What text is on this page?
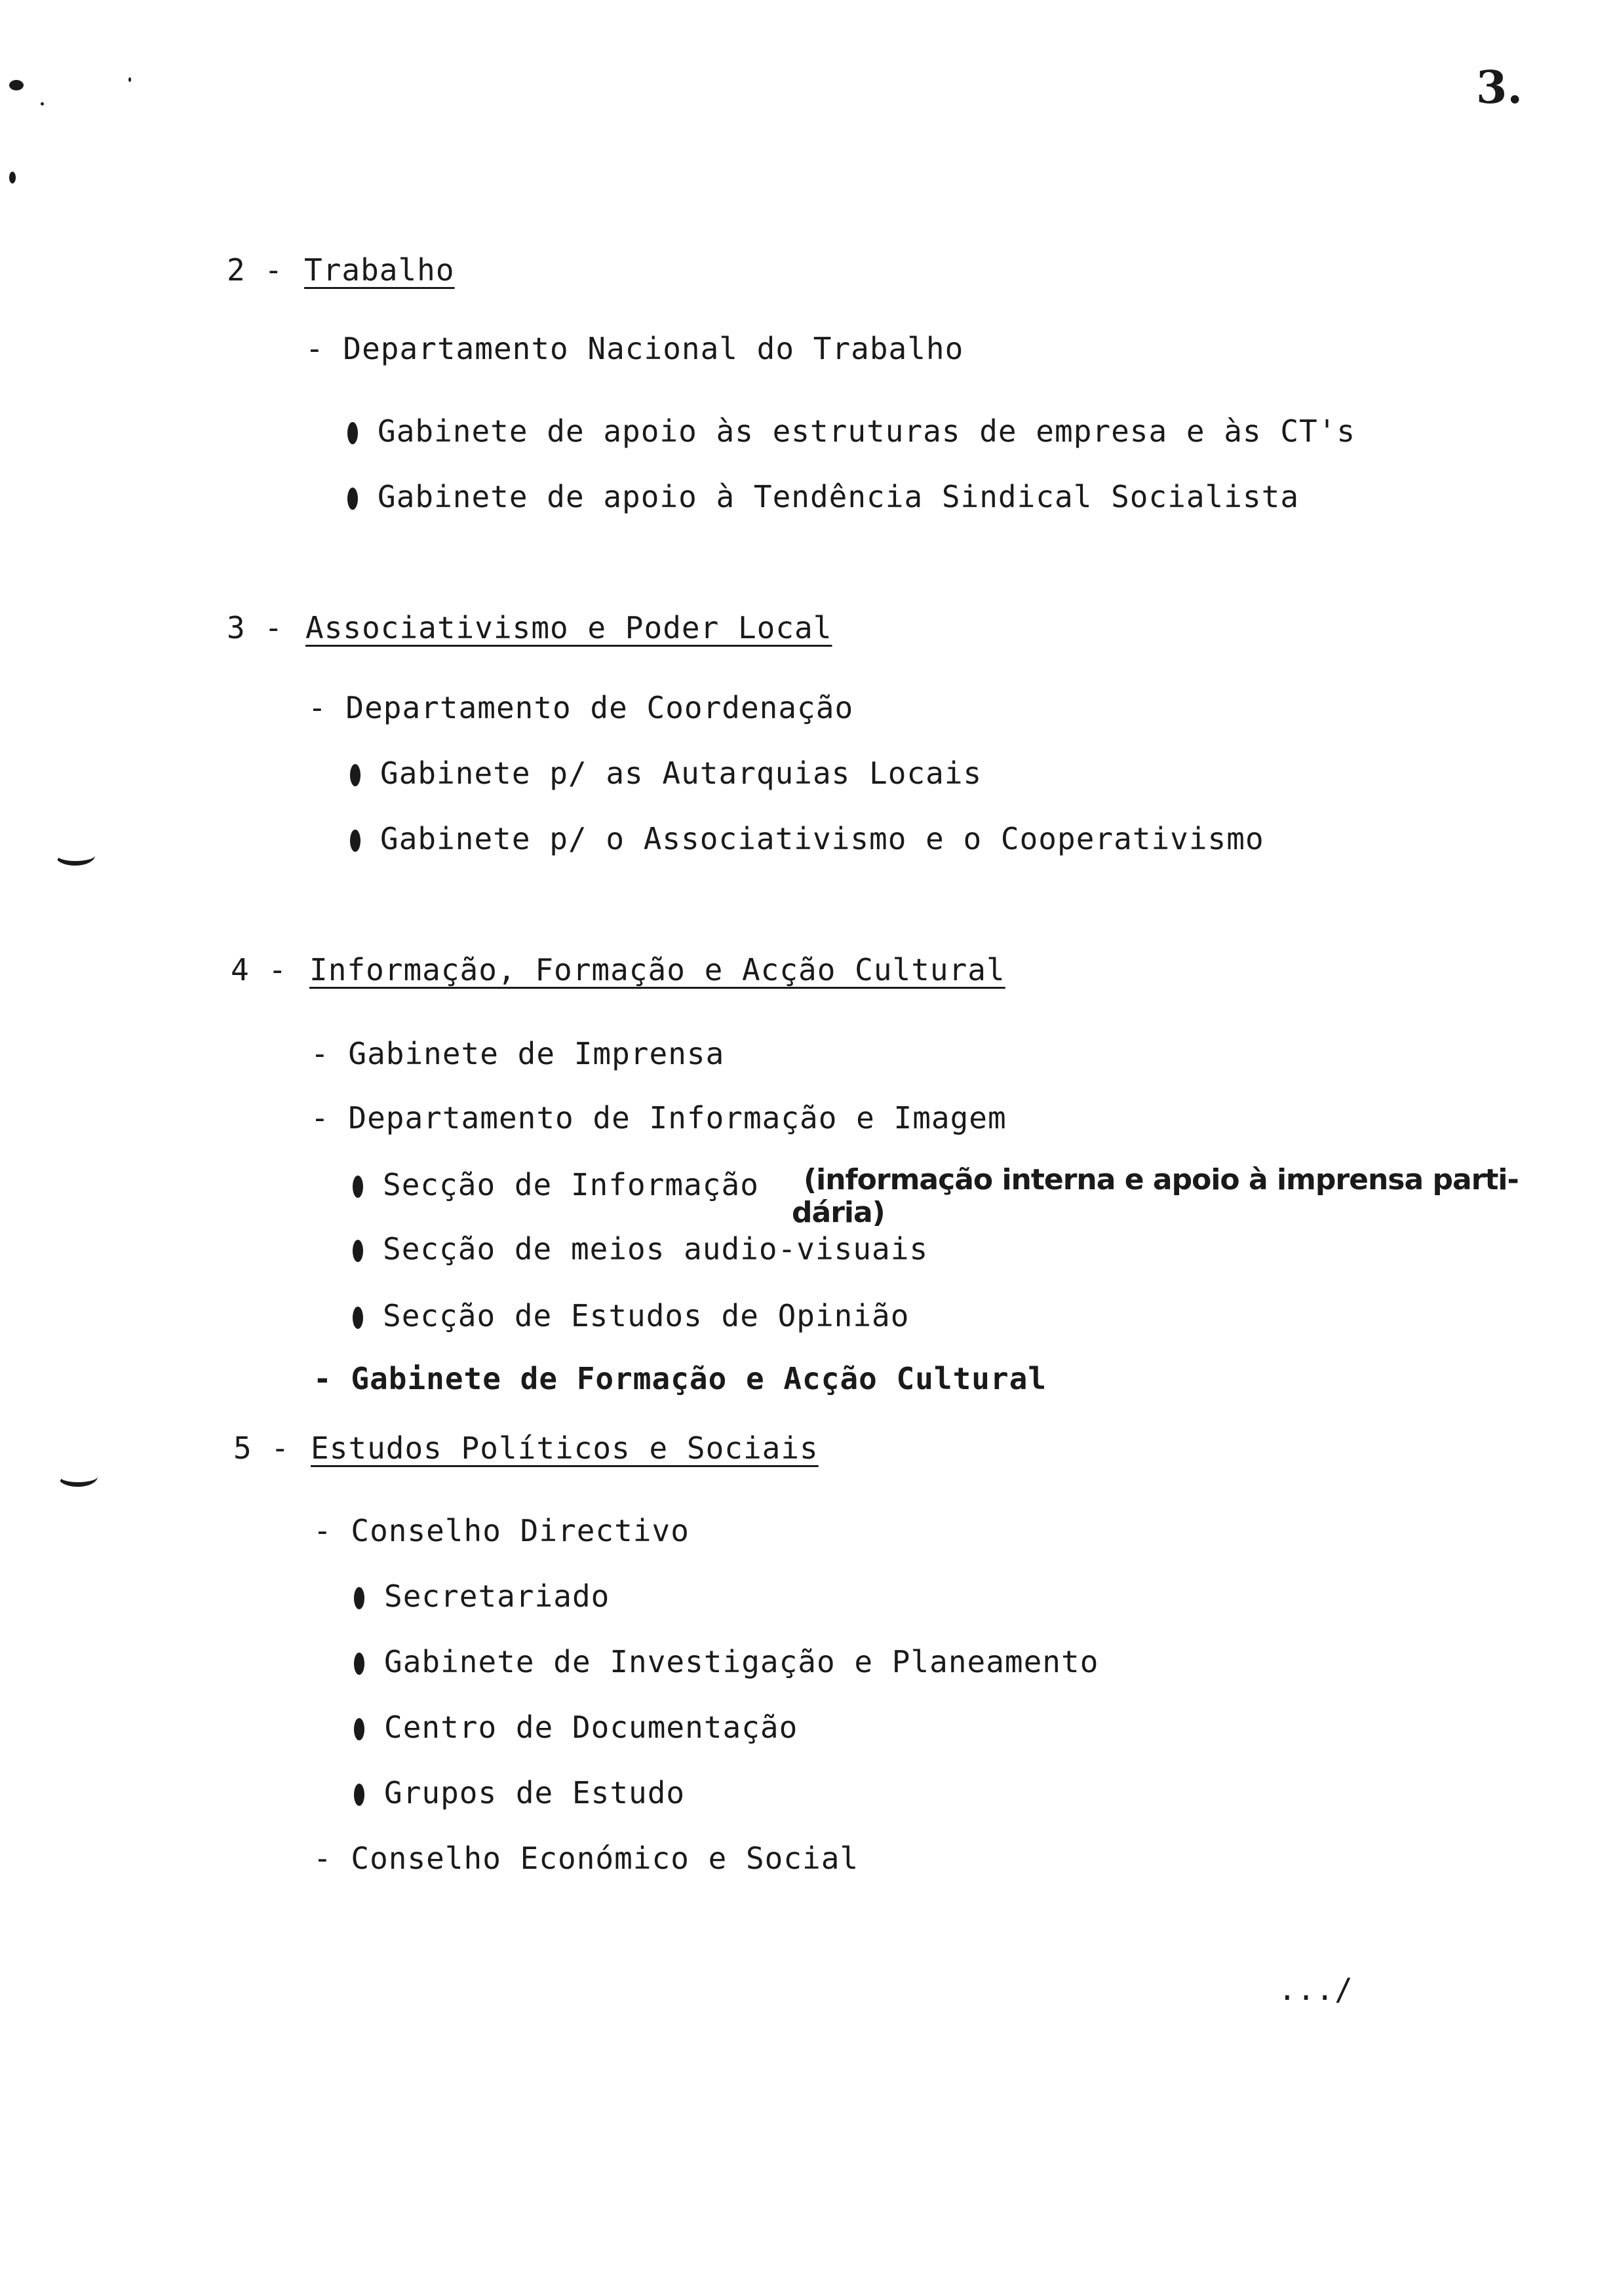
3.
2 - Trabalho
- Departamento Nacional do Trabalho
Gabinete de apoio às estruturas de empresa e às CT's
Gabinete de apoio à Tendência Sindical Socialista
3 - Associativismo e Poder Local
- Departamento de Coordenação
Gabinete p/ as Autarquias Locais
Gabinete p/ o Associativismo e o Cooperativismo
4 - Informação, Formação e Acção Cultural
- Gabinete de Imprensa
- Departamento de Informação e Imagem
Secção de Informação (informação interna e apoio à imprensa parti-
dária)
Secção de meios audio-visuais
Secção de Estudos de Opinião
- Gabinete de Formação e Acção Cultural
5 - Estudos Políticos e Sociais
- Conselho Directivo
Secretariado
Gabinete de Investigação e Planeamento
Centro de Documentação
Grupos de Estudo
- Conselho Económico e Social
.../
